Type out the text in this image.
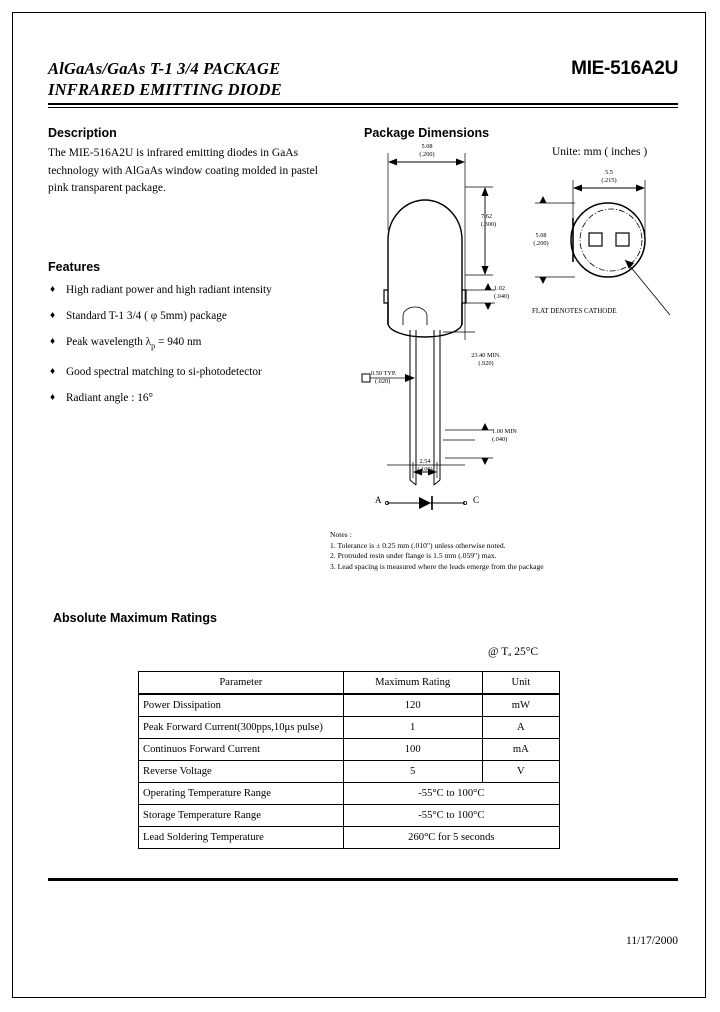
AlGaAs/GaAs T-1 3/4 PACKAGE
INFRARED EMITTING DIODE
MIE-516A2U
Description
The MIE-516A2U is infrared emitting diodes in GaAs technology with AlGaAs window coating molded in pastel pink transparent package.
Features
♦ High radiant power and high radiant intensity
♦ Standard T-1 3/4 ( φ 5mm) package
♦ Peak wavelength $\lambda_p = 940$ nm
♦ Good spectral matching to si-photodetector
♦ Radiant angle : 16°
Package Dimensions
Unite: mm ( inches )
5.08
(.200)
7.62
(.300)
1.02
(.040)
0.50 TYP.
(.020)
23.40 MIN.
(.920)
1.00 MIN
(.040)
2.54
(.100)
A	C
5.5
(.215)
5.08
(.200)
FLAT DENOTES CATHODE
Notes :
1. Tolerance is ± 0.25 mm (.010") unless otherwise noted.
2. Protruded resin under flange is 1.5 mm (.059") max.
3. Lead spacing is measured where the leads emerge from the package
Absolute Maximum Ratings
@ Tₐ 25°C
Parameter	Maximum Rating	Unit
Power Dissipation	120	mW
Peak Forward Current(300pps,10μs pulse)	1	A
Continuos Forward Current	100	mA
Reverse Voltage	5	V
Operating Temperature Range	-55°C to 100°C	
Storage Temperature Range	-55°C to 100°C	
Lead Soldering Temperature	260°C for 5 seconds	
11/17/2000
